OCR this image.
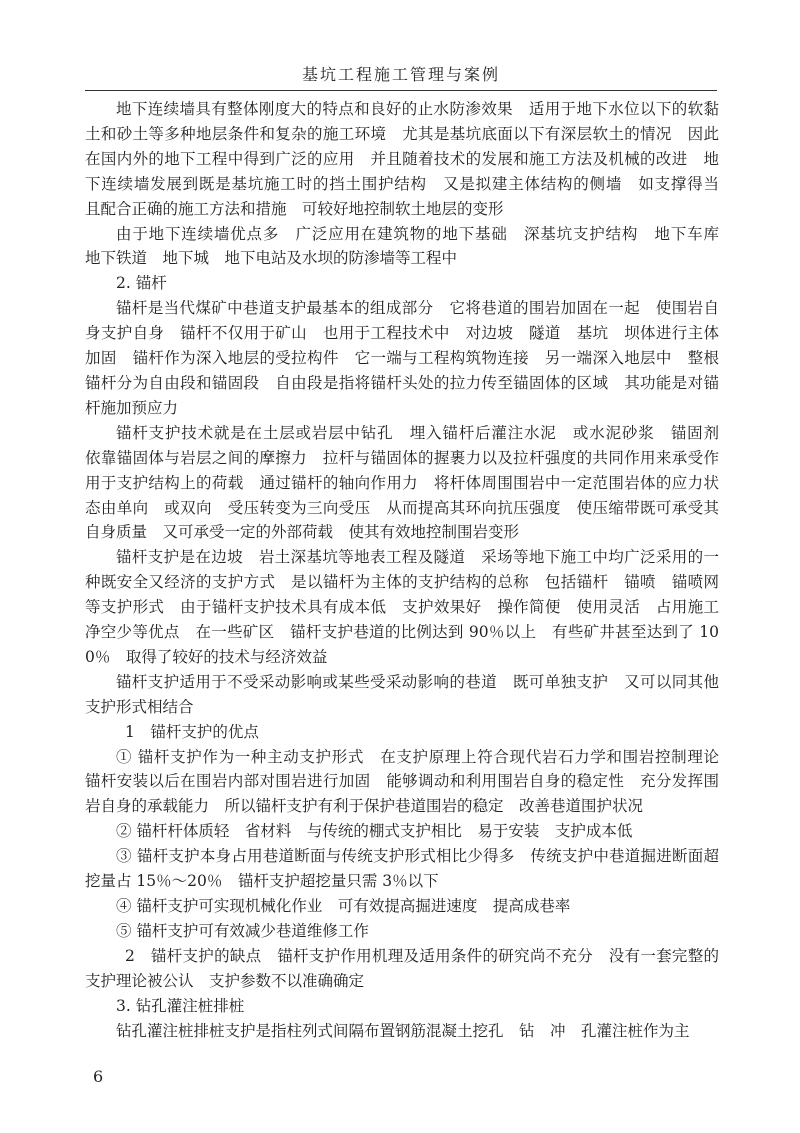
基坑工程施工管理与案例

地下连续墙具有整体刚度大的特点和良好的止水防渗效果　适用于地下水位以下的软黏土和砂土等多种地层条件和复杂的施工环境　尤其是基坑底面以下有深层软土的情况　因此在国内外的地下工程中得到广泛的应用　并且随着技术的发展和施工方法及机械的改进　地下连续墙发展到既是基坑施工时的挡土围护结构　又是拟建主体结构的侧墙　如支撑得当　且配合正确的施工方法和措施　可较好地控制软土地层的变形

由于地下连续墙优点多　广泛应用在建筑物的地下基础　深基坑支护结构　地下车库　地下铁道　地下城　地下电站及水坝的防渗墙等工程中

2. 锚杆

锚杆是当代煤矿中巷道支护最基本的组成部分　它将巷道的围岩加固在一起　使围岩自身支护自身　锚杆不仅用于矿山　也用于工程技术中　对边坡　隧道　基坑　坝体进行主体加固　锚杆作为深入地层的受拉构件　它一端与工程构筑物连接　另一端深入地层中　整根锚杆分为自由段和锚固段　自由段是指将锚杆头处的拉力传至锚固体的区域　其功能是对锚杆施加预应力

锚杆支护技术就是在土层或岩层中钻孔　埋入锚杆后灌注水泥　或水泥砂浆　锚固剂　依靠锚固体与岩层之间的摩擦力　拉杆与锚固体的握裹力以及拉杆强度的共同作用来承受作用于支护结构上的荷载　通过锚杆的轴向作用力　将杆体周围围岩中一定范围岩体的应力状态由单向　或双向　受压转变为三向受压　从而提高其环向抗压强度　使压缩带既可承受其自身质量　又可承受一定的外部荷载　使其有效地控制围岩变形

锚杆支护是在边坡　岩土深基坑等地表工程及隧道　采场等地下施工中均广泛采用的一种既安全又经济的支护方式　是以锚杆为主体的支护结构的总称　包括锚杆　锚喷　锚喷网等支护形式　由于锚杆支护技术具有成本低　支护效果好　操作简便　使用灵活　占用施工净空少等优点　在一些矿区　锚杆支护巷道的比例达到 90％以上　有些矿井甚至达到了 100％　取得了较好的技术与经济效益

锚杆支护适用于不受采动影响或某些受采动影响的巷道　既可单独支护　又可以同其他支护形式相结合

1　锚杆支护的优点

① 锚杆支护作为一种主动支护形式　在支护原理上符合现代岩石力学和围岩控制理论　锚杆安装以后在围岩内部对围岩进行加固　能够调动和利用围岩自身的稳定性　充分发挥围岩自身的承载能力　所以锚杆支护有利于保护巷道围岩的稳定　改善巷道围护状况

② 锚杆杆体质轻　省材料　与传统的棚式支护相比　易于安装　支护成本低

③ 锚杆支护本身占用巷道断面与传统支护形式相比少得多　传统支护中巷道掘进断面超挖量占 15％～20％　锚杆支护超挖量只需 3％以下

④ 锚杆支护可实现机械化作业　可有效提高掘进速度　提高成巷率

⑤ 锚杆支护可有效减少巷道维修工作

2　锚杆支护的缺点　锚杆支护作用机理及适用条件的研究尚不充分　没有一套完整的支护理论被公认　支护参数不以准确确定

3. 钻孔灌注桩排桩

钻孔灌注桩排桩支护是指柱列式间隔布置钢筋混凝土挖孔　钻　冲　孔灌注桩作为主

6
